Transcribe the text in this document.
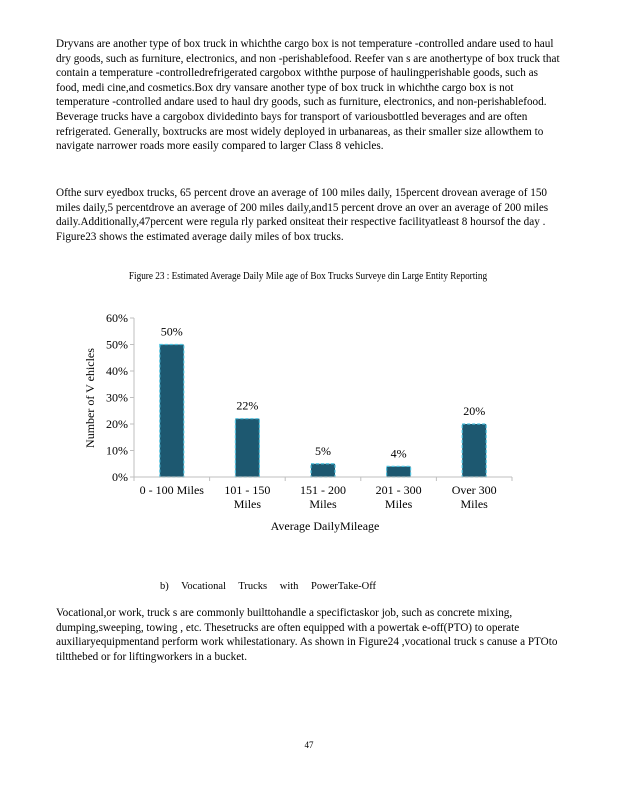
Dryvans are another type of box truck in whichthe cargo box is not temperature -controlled andare used to haul dry goods, such as furniture, electronics, and non -perishablefood. Reefer van s are anothertype of box truck that contain a temperature -controlledrefrigerated cargobox withthe purpose of haulingperishable goods, such as food, medi cine,and cosmetics.Box dry vansare another type of box truck in whichthe cargo box is not temperature -controlled andare used to haul dry goods, such as furniture, electronics, and non-perishablefood. Beverage trucks have a cargobox dividedinto bays for transport of variousbottled beverages and are often refrigerated. Generally, boxtrucks are most widely deployed in urbanareas, as their smaller size allowthem to navigate narrower roads more easily compared to larger Class 8 vehicles.

Ofthe surv eyedbox trucks, 65 percent drove an average of 100 miles daily, 15percent drovean average of 150 miles daily,5 percentdrove an average of 200 miles daily,and15 percent drove an over an average of 200 miles daily.Additionally,47percent were regula rly parked onsiteat their respective facilityatleast 8 hoursof the day . Figure23 shows the estimated average daily miles of box trucks.

Figure 23 : Estimated Average Daily Mile age of Box Trucks Surveye din Large Entity Reporting

0%
10%
20%
30%
40%
50%
60%
50%
22%
5%	4%
20%
0 - 100 Miles 101 - 150 Miles
151 - 200 Miles
201 - 300 Miles
Over 300 Miles
Average DailyMileage
Number of V ehicles

b) Vocational Trucks with PowerTake-Off

Vocational,or work, truck s are commonly builttohandle a specifictaskor job, such as concrete mixing, dumping,sweeping, towing , etc. Thesetrucks are often equipped with a powertak e-off(PTO) to operate auxiliaryequipmentand perform work whilestationary. As shown in Figure24 ,vocational truck s canuse a PTOto tiltthebed or for liftingworkers in a bucket.

47
